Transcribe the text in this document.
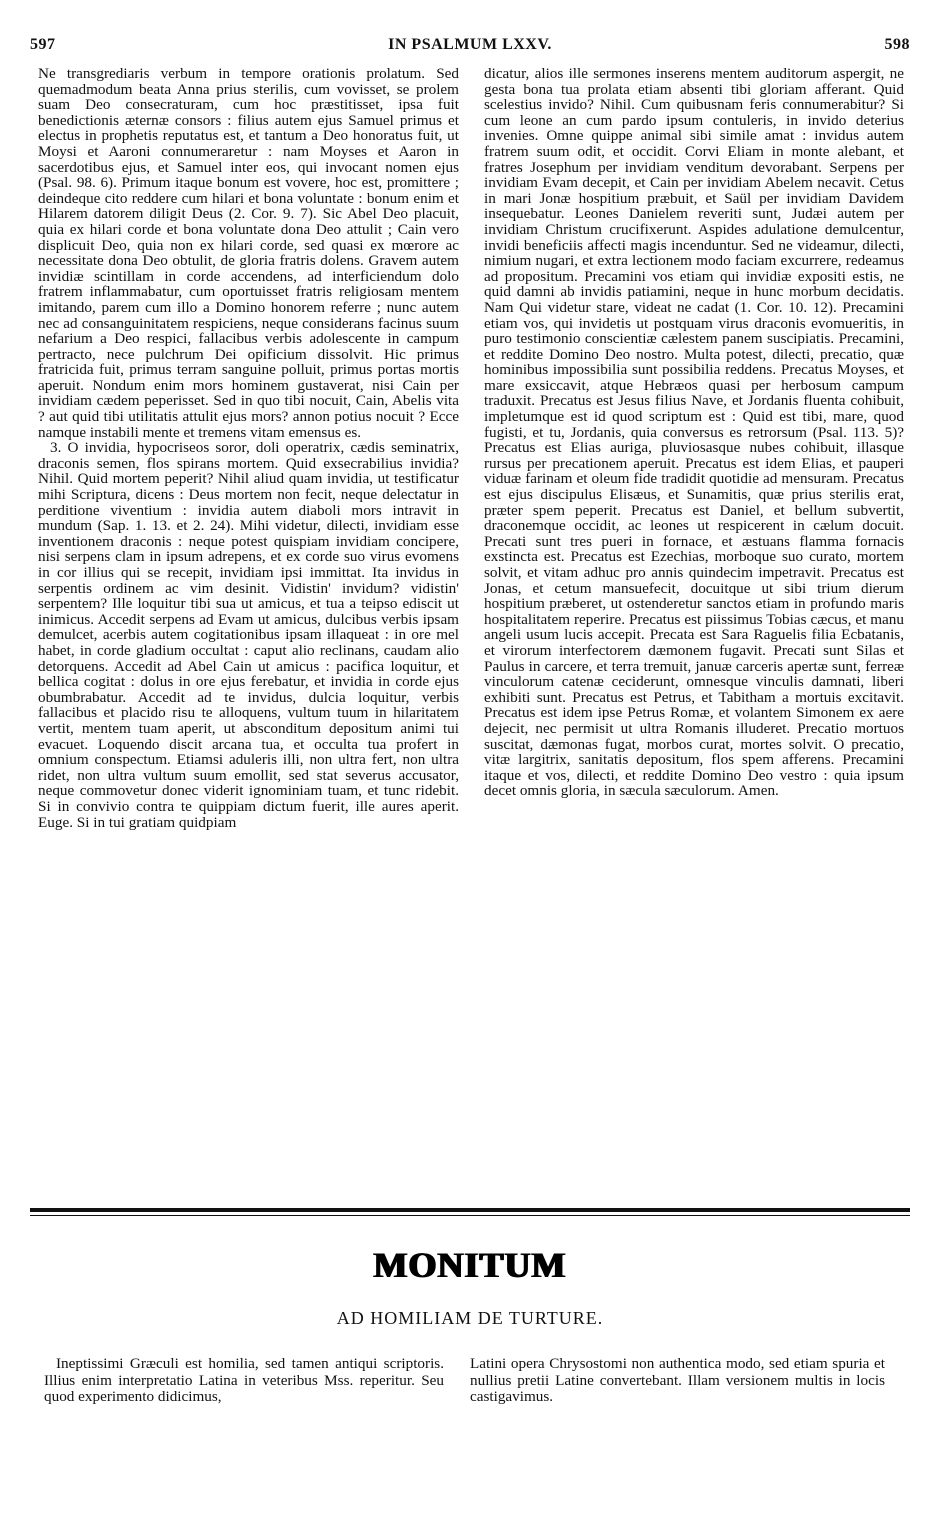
597	IN PSALMUM LXXV.	598

Ne transgrediaris verbum in tempore orationis prolatum. Sed quemadmodum beata Anna prius sterilis, cum vovisset, se prolem suam Deo consecraturam, cum hoc præstitisset, ipsa fuit benedictionis æternæ consors : filius autem ejus Samuel primus et electus in prophetis reputatus est, et tantum a Deo honoratus fuit, ut Moysi et Aaroni connumeraretur : nam Moyses et Aaron in sacerdotibus ejus, et Samuel inter eos, qui invocant nomen ejus (Psal. 98. 6). Primum itaque bonum est vovere, hoc est, promittere ; deindeque cito reddere cum hilari et bona voluntate : bonum enim et Hilarem datorem diligit Deus (2. Cor. 9. 7). Sic Abel Deo placuit, quia ex hilari corde et bona voluntate dona Deo attulit ; Cain vero displicuit Deo, quia non ex hilari corde, sed quasi ex mœrore ac necessitate dona Deo obtulit, de gloria fratris dolens. Gravem autem invidiæ scintillam in corde accendens, ad interficiendum dolo fratrem inflammabatur, cum oportuisset fratris religiosam mentem imitando, parem cum illo a Domino honorem referre ; nunc autem nec ad consanguinitatem respiciens, neque considerans facinus suum nefarium a Deo respici, fallacibus verbis adolescente in campum pertracto, nece pulchrum Dei opificium dissolvit. Hic primus fratricida fuit, primus terram sanguine polluit, primus portas mortis aperuit. Nondum enim mors hominem gustaverat, nisi Cain per invidiam cædem peperisset. Sed in quo tibi nocuit, Cain, Abelis vita ? aut quid tibi utilitatis attulit ejus mors? annon potius nocuit ? Ecce namque instabili mente et tremens vitam emensus es.

3. O invidia, hypocriseos soror, doli operatrix, cædis seminatrix, draconis semen, flos spirans mortem. Quid exsecrabilius invidia? Nihil. Quid mortem peperit? Nihil aliud quam invidia, ut testificatur mihi Scriptura, dicens : Deus mortem non fecit, neque delectatur in perditione viventium : invidia autem diaboli mors intravit in mundum (Sap. 1. 13. et 2. 24). Mihi videtur, dilecti, invidiam esse inventionem draconis : neque potest quispiam invidiam concipere, nisi serpens clam in ipsum adrepens, et ex corde suo virus evomens in cor illius qui se recepit, invidiam ipsi immittat. Ita invidus in serpentis ordinem ac vim desinit. Vidistin' invidum? vidistin' serpentem? Ille loquitur tibi sua ut amicus, et tua a teipso ediscit ut inimicus. Accedit serpens ad Evam ut amicus, dulcibus verbis ipsam demulcet, acerbis autem cogitationibus ipsam illaqueat : in ore mel habet, in corde gladium occultat : caput alio reclinans, caudam alio detorquens. Accedit ad Abel Cain ut amicus : pacifica loquitur, et bellica cogitat : dolus in ore ejus ferebatur, et invidia in corde ejus obumbrabatur. Accedit ad te invidus, dulcia loquitur, verbis fallacibus et placido risu te alloquens, vultum tuum in hilaritatem vertit, mentem tuam aperit, ut absconditum depositum animi tui evacuet. Loquendo discit arcana tua, et occulta tua profert in omnium conspectum. Etiamsi aduleris illi, non ultra fert, non ultra ridet, non ultra vultum suum emollit, sed stat severus accusator, neque commovetur donec viderit ignominiam tuam, et tunc ridebit. Si in convivio contra te quippiam dictum fuerit, ille aures aperit. Euge. Si in tui gratiam quidpiam

dicatur, alios ille sermones inserens mentem auditorum aspergit, ne gesta bona tua prolata etiam absenti tibi gloriam afferant. Quid scelestius invido? Nihil. Cum quibusnam feris connumerabitur? Si cum leone an cum pardo ipsum contuleris, in invido deterius invenies. Omne quippe animal sibi simile amat : invidus autem fratrem suum odit, et occidit. Corvi Eliam in monte alebant, et fratres Josephum per invidiam venditum devorabant. Serpens per invidiam Evam decepit, et Cain per invidiam Abelem necavit. Cetus in mari Jonæ hospitium præbuit, et Saül per invidiam Davidem insequebatur. Leones Danielem reveriti sunt, Judæi autem per invidiam Christum crucifixerunt. Aspides adulatione demulcentur, invidi beneficiis affecti magis incenduntur. Sed ne videamur, dilecti, nimium nugari, et extra lectionem modo faciam excurrere, redeamus ad propositum. Precamini vos etiam qui invidiæ expositi estis, ne quid damni ab invidis patiamini, neque in hunc morbum decidatis. Nam Qui videtur stare, videat ne cadat (1. Cor. 10. 12). Precamini etiam vos, qui invidetis ut postquam virus draconis evomueritis, in puro testimonio conscientiæ cælestem panem suscipiatis. Precamini, et reddite Domino Deo nostro. Multa potest, dilecti, precatio, quæ hominibus impossibilia sunt possibilia reddens. Precatus Moyses, et mare exsiccavit, atque Hebræos quasi per herbosum campum traduxit. Precatus est Jesus filius Nave, et Jordanis fluenta cohibuit, impletumque est id quod scriptum est : Quid est tibi, mare, quod fugisti, et tu, Jordanis, quia conversus es retrorsum (Psal. 113. 5)? Precatus est Elias auriga, pluviosasque nubes cohibuit, illasque rursus per precationem aperuit. Precatus est idem Elias, et pauperi viduæ farinam et oleum fide tradidit quotidie ad mensuram. Precatus est ejus discipulus Elisæus, et Sunamitis, quæ prius sterilis erat, præter spem peperit. Precatus est Daniel, et bellum subvertit, draconemque occidit, ac leones ut respicerent in cælum docuit. Precati sunt tres pueri in fornace, et æstuans flamma fornacis exstincta est. Precatus est Ezechias, morboque suo curato, mortem solvit, et vitam adhuc pro annis quindecim impetravit. Precatus est Jonas, et cetum mansuefecit, docuitque ut sibi trium dierum hospitium præberet, ut ostenderetur sanctos etiam in profundo maris hospitalitatem reperire. Precatus est piissimus Tobias cæcus, et manu angeli usum lucis accepit. Precata est Sara Raguelis filia Ecbatanis, et virorum interfectorem dæmonem fugavit. Precati sunt Silas et Paulus in carcere, et terra tremuit, januæ carceris apertæ sunt, ferreæ vinculorum catenæ ceciderunt, omnesque vinculis damnati, liberi exhibiti sunt. Precatus est Petrus, et Tabitham a mortuis excitavit. Precatus est idem ipse Petrus Romæ, et volantem Simonem ex aere dejecit, nec permisit ut ultra Romanis illuderet. Precatio mortuos suscitat, dæmonas fugat, morbos curat, mortes solvit. O precatio, vitæ largitrix, sanitatis depositum, flos spem afferens. Precamini itaque et vos, dilecti, et reddite Domino Deo vestro : quia ipsum decet omnis gloria, in sæcula sæculorum. Amen.

MONITUM
AD HOMILIAM DE TURTURE.

Ineptissimi Græculi est homilia, sed tamen antiqui scriptoris. Illius enim interpretatio Latina in veteribus Mss. reperitur. Seu quod experimento didicimus,

Latini opera Chrysostomi non authentica modo, sed etiam spuria et nullius pretii Latine convertebant. Illam versionem multis in locis castigavimus.
